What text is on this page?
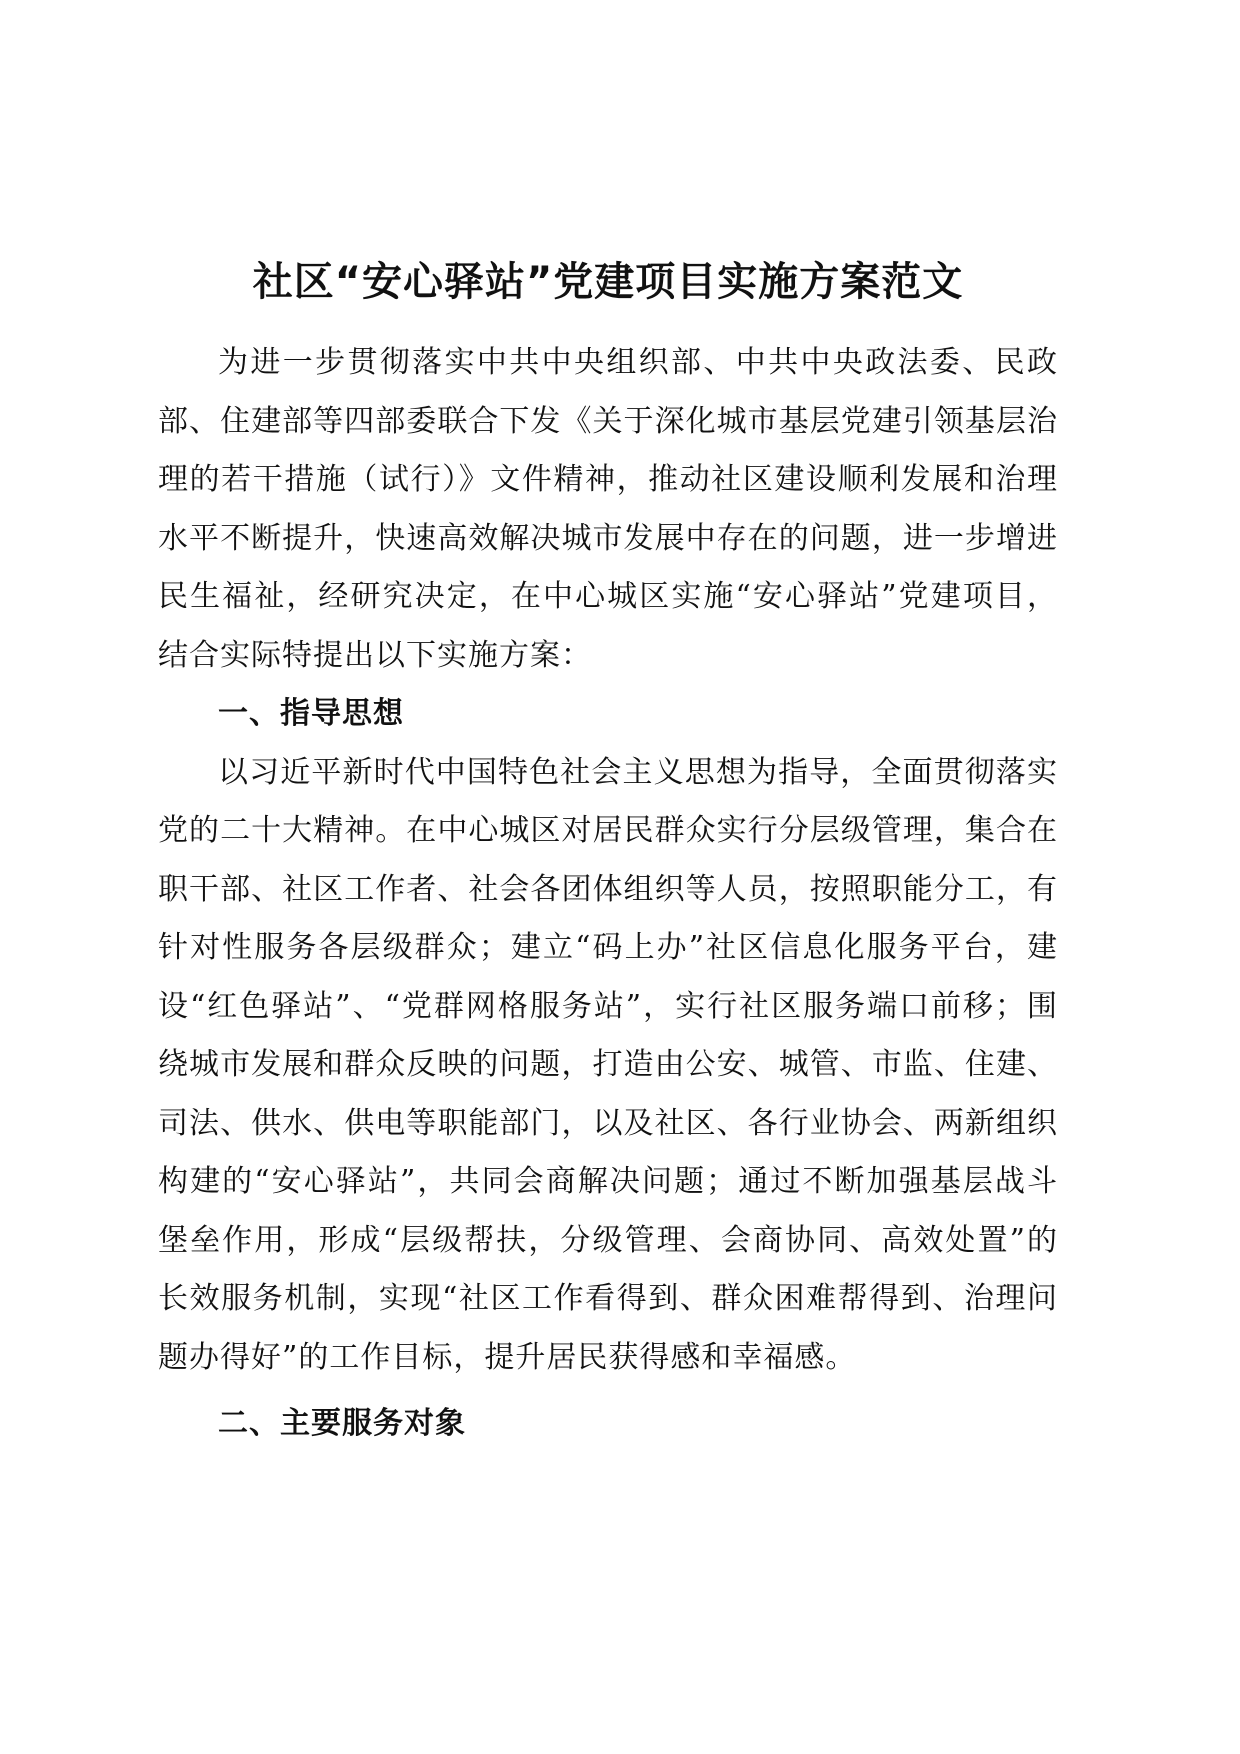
社区“安心驿站”党建项目实施方案范文

为进一步贯彻落实中共中央组织部、中共中央政法委、民政部、住建部等四部委联合下发《关于深化城市基层党建引领基层治理的若干措施（试行）》文件精神，推动社区建设顺利发展和治理水平不断提升，快速高效解决城市发展中存在的问题，进一步增进民生福祉，经研究决定，在中心城区实施“安心驿站”党建项目，结合实际特提出以下实施方案：

一、指导思想

以习近平新时代中国特色社会主义思想为指导，全面贯彻落实党的二十大精神。在中心城区对居民群众实行分层级管理，集合在职干部、社区工作者、社会各团体组织等人员，按照职能分工，有针对性服务各层级群众；建立“码上办”社区信息化服务平台，建设“红色驿站”、“党群网格服务站”，实行社区服务端口前移；围绕城市发展和群众反映的问题，打造由公安、城管、市监、住建、司法、供水、供电等职能部门，以及社区、各行业协会、两新组织构建的“安心驿站”，共同会商解决问题；通过不断加强基层战斗堡垒作用，形成“层级帮扶，分级管理、会商协同、高效处置”的长效服务机制，实现“社区工作看得到、群众困难帮得到、治理问题办得好”的工作目标，提升居民获得感和幸福感。

二、主要服务对象
